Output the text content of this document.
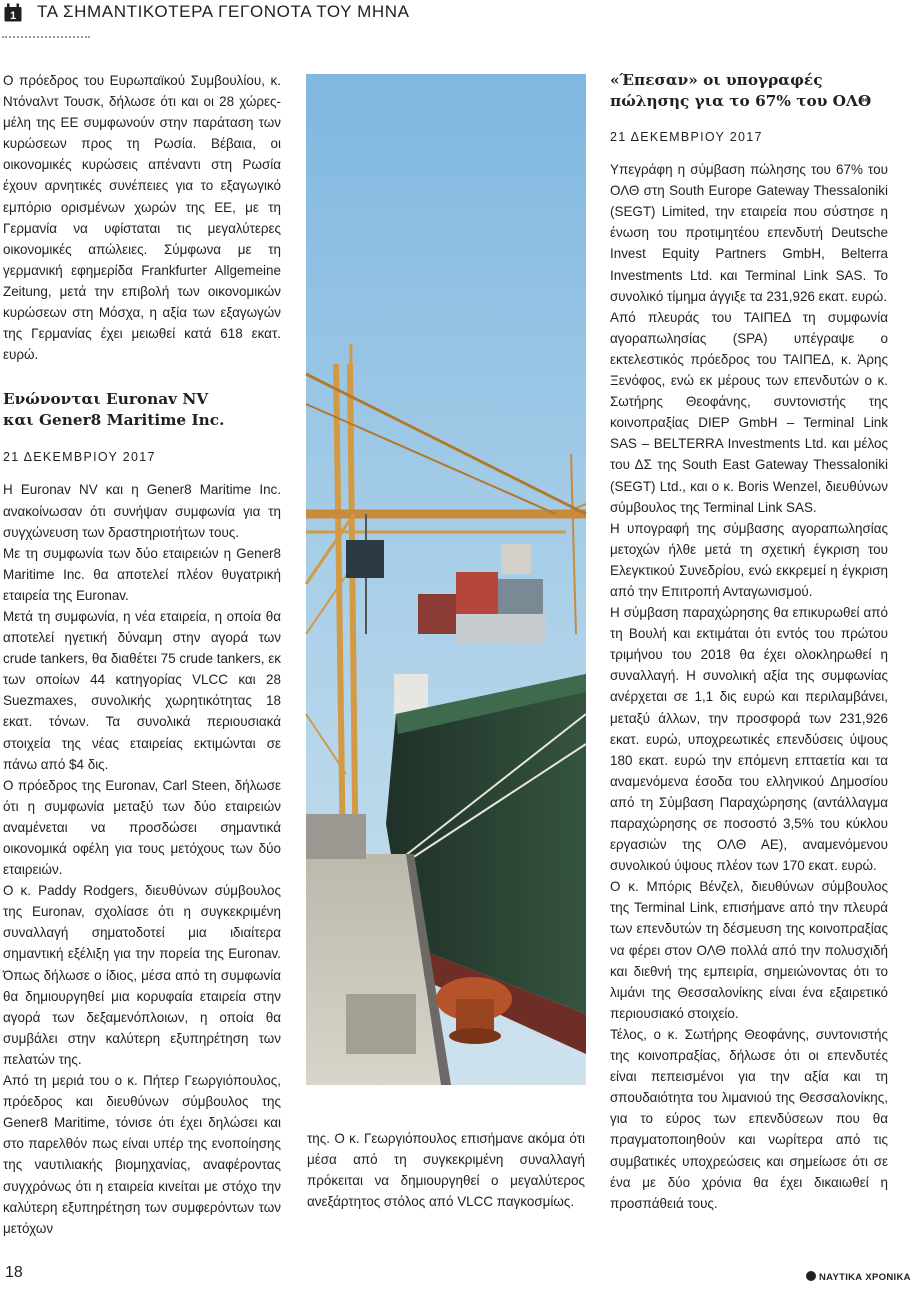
1 ΤΑ ΣΗΜΑΝΤΙΚΟΤΕΡΑ ΓΕΓΟΝΟΤΑ ΤΟΥ ΜΗΝΑ

Ο πρόεδρος του Ευρωπαϊκού Συμβουλίου, κ. Ντόναλντ Τουσκ, δήλωσε ότι και οι 28 χώρες-μέλη της ΕΕ συμφωνούν στην παράταση των κυρώσεων προς τη Ρωσία. Βέβαια, οι οικονομικές κυρώσεις απέναντι στη Ρωσία έχουν αρνητικές συνέπειες για το εξαγωγικό εμπόριο ορισμένων χωρών της ΕΕ, με τη Γερμανία να υφίσταται τις μεγαλύτερες οικονομικές απώλειες. Σύμφωνα με τη γερμανική εφημερίδα Frankfurter Allgemeine Zeitung, μετά την επιβολή των οικονομικών κυρώσεων στη Μόσχα, η αξία των εξαγωγών της Γερμανίας έχει μειωθεί κατά 618 εκατ. ευρώ.

Ενώνονται Euronav NV
και Gener8 Maritime Inc.
21 ΔΕΚΕΜΒΡΙΟΥ 2017

Η Euronav NV και η Gener8 Maritime Inc. ανακοίνωσαν ότι συνήψαν συμφωνία για τη συγχώνευση των δραστηριοτήτων τους.

Με τη συμφωνία των δύο εταιρειών η Gener8 Maritime Inc. θα αποτελεί πλέον θυγατρική εταιρεία της Euronav.

Μετά τη συμφωνία, η νέα εταιρεία, η οποία θα αποτελεί ηγετική δύναμη στην αγορά των crude tankers, θα διαθέτει 75 crude tankers, εκ των οποίων 44 κατηγορίας VLCC και 28 Suezmaxes, συνολικής χωρητικότητας 18 εκατ. τόνων. Τα συνολικά περιουσιακά στοιχεία της νέας εταιρείας εκτιμώνται σε πάνω από $4 δις.

Ο πρόεδρος της Euronav, Carl Steen, δήλωσε ότι η συμφωνία μεταξύ των δύο εταιρειών αναμένεται να προσδώσει σημαντικά οικονομικά οφέλη για τους μετόχους των δύο εταιρειών.

Ο κ. Paddy Rodgers, διευθύνων σύμβουλος της Euronav, σχολίασε ότι η συγκεκριμένη συναλλαγή σηματοδοτεί μια ιδιαίτερα σημαντική εξέλιξη για την πορεία της Euronav. Όπως δήλωσε ο ίδιος, μέσα από τη συμφωνία θα δημιουργηθεί μια κορυφαία εταιρεία στην αγορά των δεξαμενόπλοιων, η οποία θα συμβάλει στην καλύτερη εξυπηρέτηση των πελατών της.

Από τη μεριά του ο κ. Πήτερ Γεωργιόπουλος, πρόεδρος και διευθύνων σύμβουλος της Gener8 Maritime, τόνισε ότι έχει δηλώσει και στο παρελθόν πως είναι υπέρ της ενοποίησης της ναυτιλιακής βιομηχανίας, αναφέροντας συγχρόνως ότι η εταιρεία κινείται με στόχο την καλύτερη εξυπηρέτηση των συμφερόντων των μετόχων

της. Ο κ. Γεωργιόπουλος επισήμανε ακόμα ότι μέσα από τη συγκεκριμένη συναλλαγή πρόκειται να δημιουργηθεί ο μεγαλύτερος ανεξάρτητος στόλος από VLCC παγκοσμίως.

«Έπεσαν» οι υπογραφές
πώλησης για το 67% του ΟΛΘ
21 ΔΕΚΕΜΒΡΙΟΥ 2017

Υπεγράφη η σύμβαση πώλησης του 67% του ΟΛΘ στη South Europe Gateway Thessaloniki (SEGT) Limited, την εταιρεία που σύστησε η ένωση του προτιμητέου επενδυτή Deutsche Invest Equity Partners GmbH, Belterra Investments Ltd. και Terminal Link SAS. Το συνολικό τίμημα άγγιξε τα 231,926 εκατ. ευρώ.

Από πλευράς του ΤΑΙΠΕΔ τη συμφωνία αγοραπωλησίας (SPA) υπέγραψε ο εκτελεστικός πρόεδρος του ΤΑΙΠΕΔ, κ. Άρης Ξενόφος, ενώ εκ μέρους των επενδυτών ο κ. Σωτήρης Θεοφάνης, συντονιστής της κοινοπραξίας DIEP GmbH – Terminal Link SAS – BELTERRA Investments Ltd. και μέλος του ΔΣ της South East Gateway Thessaloniki (SEGT) Ltd., και ο κ. Boris Wenzel, διευθύνων σύμβουλος της Terminal Link SAS.

Η υπογραφή της σύμβασης αγοραπωλησίας μετοχών ήλθε μετά τη σχετική έγκριση του Ελεγκτικού Συνεδρίου, ενώ εκκρεμεί η έγκριση από την Επιτροπή Ανταγωνισμού.

Η σύμβαση παραχώρησης θα επικυρωθεί από τη Βουλή και εκτιμάται ότι εντός του πρώτου τριμήνου του 2018 θα έχει ολοκληρωθεί η συναλλαγή. Η συνολική αξία της συμφωνίας ανέρχεται σε 1,1 δις ευρώ και περιλαμβάνει, μεταξύ άλλων, την προσφορά των 231,926 εκατ. ευρώ, υποχρεωτικές επενδύσεις ύψους 180 εκατ. ευρώ την επόμενη επταετία και τα αναμενόμενα έσοδα του ελληνικού Δημοσίου από τη Σύμβαση Παραχώρησης (αντάλλαγμα παραχώρησης σε ποσοστό 3,5% του κύκλου εργασιών της ΟΛΘ ΑΕ), αναμενόμενου συνολικού ύψους πλέον των 170 εκατ. ευρώ.

Ο κ. Μπόρις Βένζελ, διευθύνων σύμβουλος της Terminal Link, επισήμανε από την πλευρά των επενδυτών τη δέσμευση της κοινοπραξίας να φέρει στον ΟΛΘ πολλά από την πολυσχιδή και διεθνή της εμπειρία, σημειώνοντας ότι το λιμάνι της Θεσσαλονίκης είναι ένα εξαιρετικό περιουσιακό στοιχείο.

Τέλος, ο κ. Σωτήρης Θεοφάνης, συντονιστής της κοινοπραξίας, δήλωσε ότι οι επενδυτές είναι πεπεισμένοι για την αξία και τη σπουδαιότητα του λιμανιού της Θεσσαλονίκης, για το εύρος των επενδύσεων που θα πραγματοποιηθούν και νωρίτερα από τις συμβατικές υποχρεώσεις και σημείωσε ότι σε ένα με δύο χρόνια θα έχει δικαιωθεί η προσπάθειά τους.

18	ΝΑΥΤΙΚΑ ΧΡΟΝΙΚΑ
